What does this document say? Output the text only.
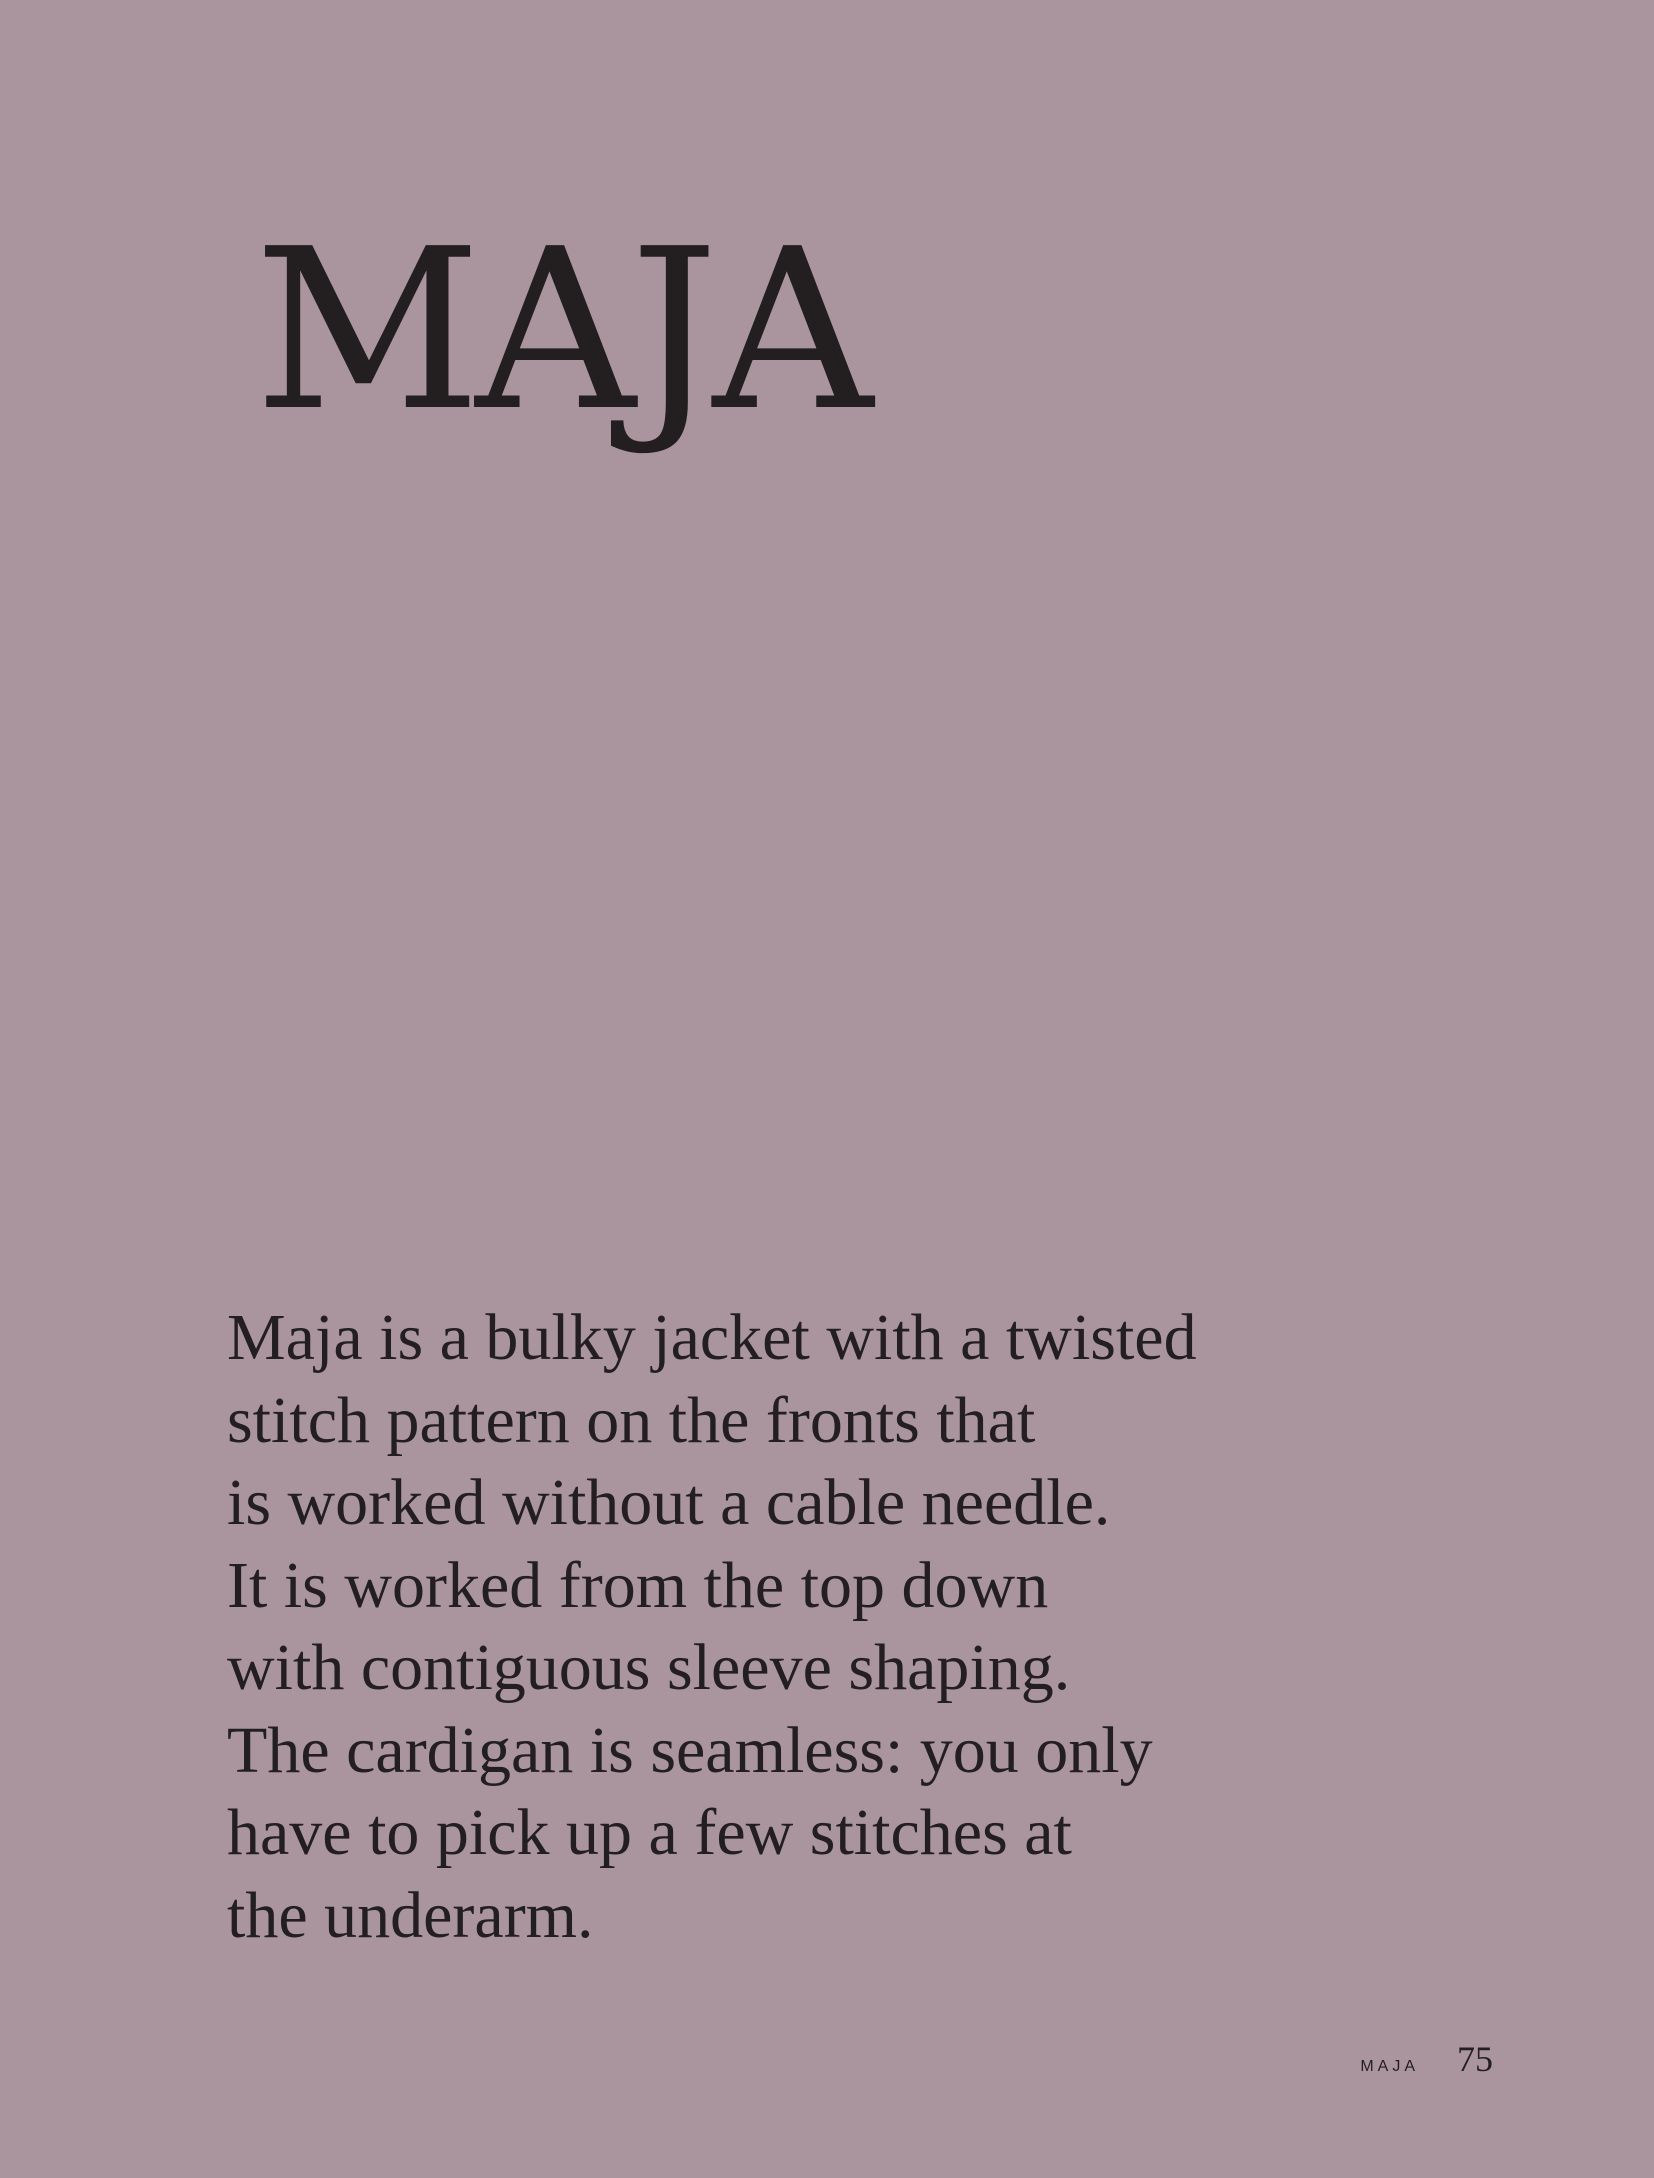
MAJA

Maja is a bulky jacket with a twisted
stitch pattern on the fronts that
is worked without a cable needle.
It is worked from the top down
with contiguous sleeve shaping.
The cardigan is seamless: you only
have to pick up a few stitches at
the underarm.

MAJA 75
